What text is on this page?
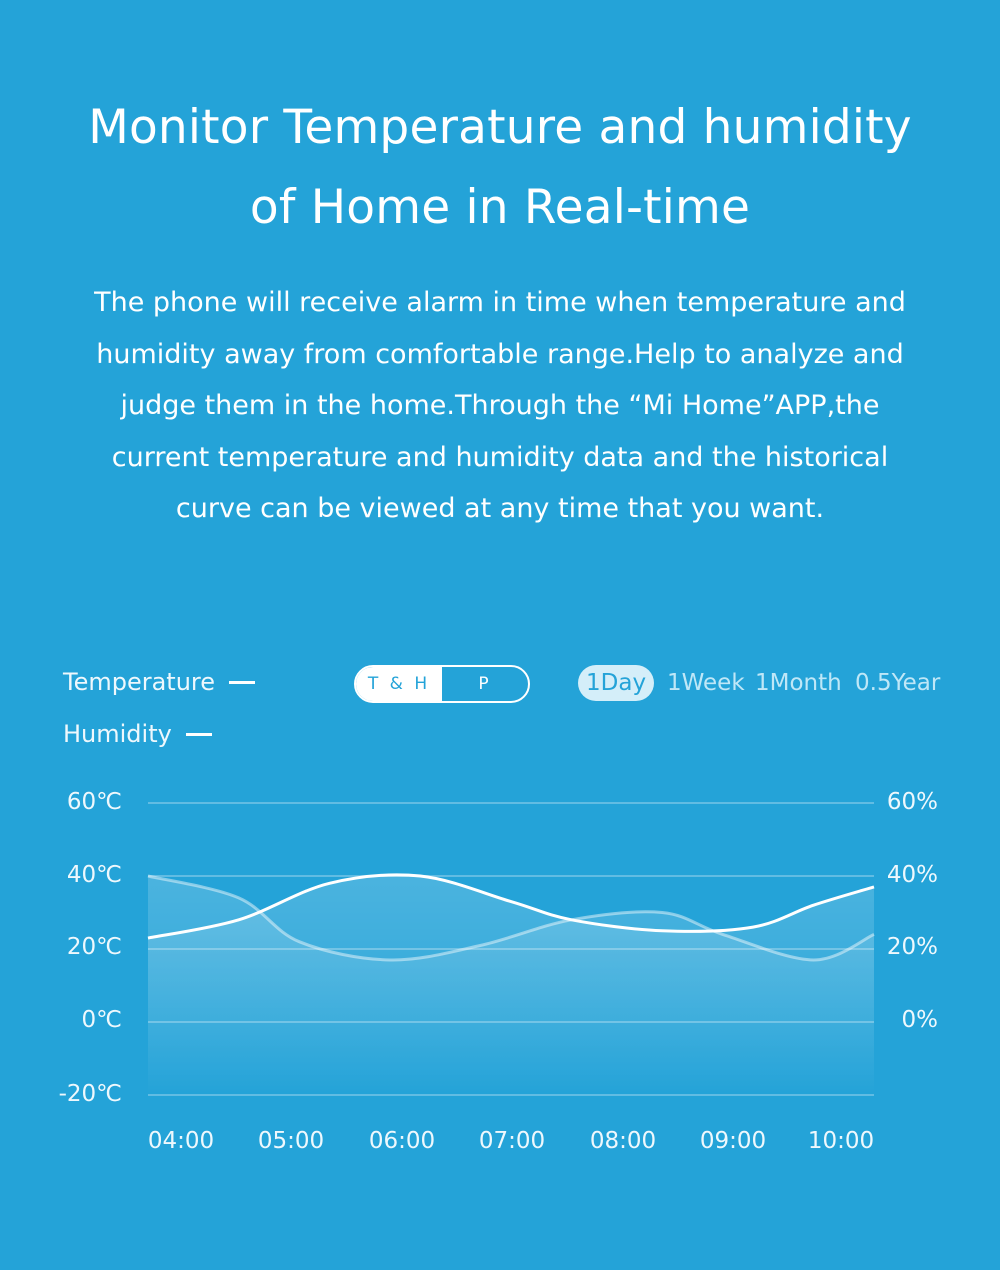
Monitor Temperature and humidity
of Home in Real-time
The phone will receive alarm in time when temperature and
humidity away from comfortable range.Help to analyze and
judge them in the home.Through the “Mi Home”APP,the
current temperature and humidity data and the historical
curve can be viewed at any time that you want.
Temperature
Humidity
T & H	P	1Day 1Week 1Month 0.5Year
60℃
40℃
20℃
0℃
-20℃
60%
40%
20%
0%
04:00	05:00	06:00	07:00	08:00	09:00	10:00
